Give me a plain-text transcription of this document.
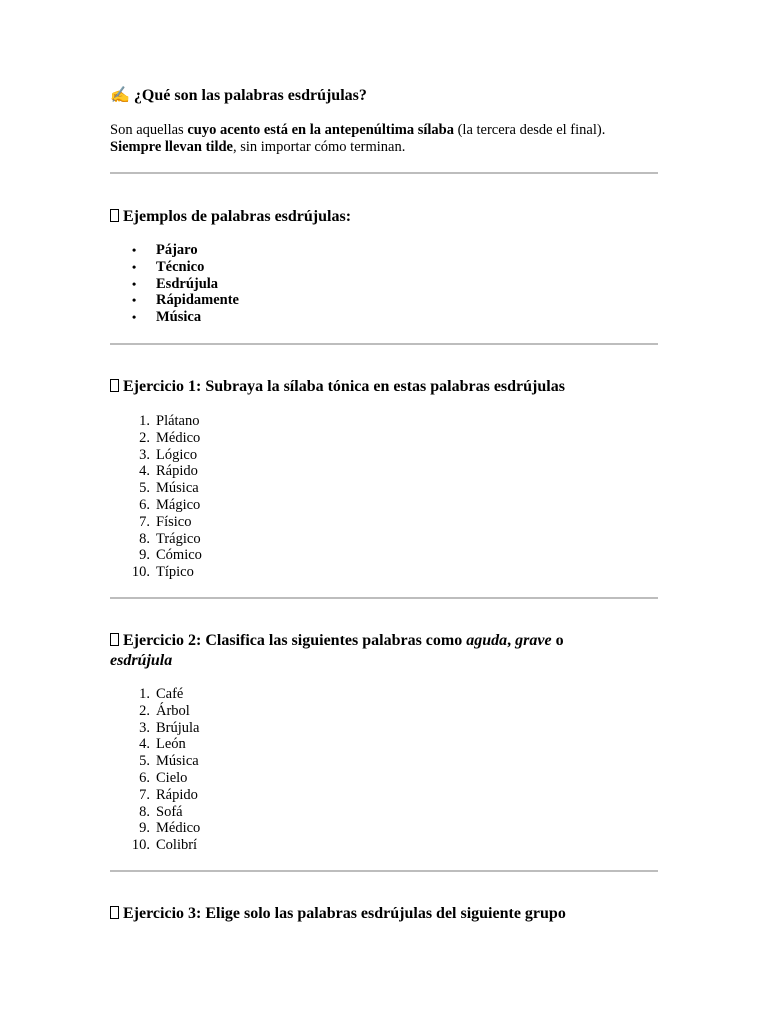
✍ ¿Qué son las palabras esdrújulas?

Son aquellas cuyo acento está en la antepenúltima sílaba (la tercera desde el final).

Siempre llevan tilde, sin importar cómo terminan.

Ejemplos de palabras esdrújulas:
• Pájaro
• Técnico
• Esdrújula
• Rápidamente
• Música
Ejercicio 1: Subraya la sílaba tónica en estas palabras esdrújulas
1. Plátano
2. Médico
3. Lógico
4. Rápido
5. Música
6. Mágico
7. Físico
8. Trágico
9. Cómico
10. Típico
Ejercicio 2: Clasifica las siguientes palabras como aguda, grave o
esdrújula
1. Café
2. Árbol
3. Brújula
4. León
5. Música
6. Cielo
7. Rápido
8. Sofá
9. Médico
10. Colibrí
Ejercicio 3: Elige solo las palabras esdrújulas del siguiente grupo
